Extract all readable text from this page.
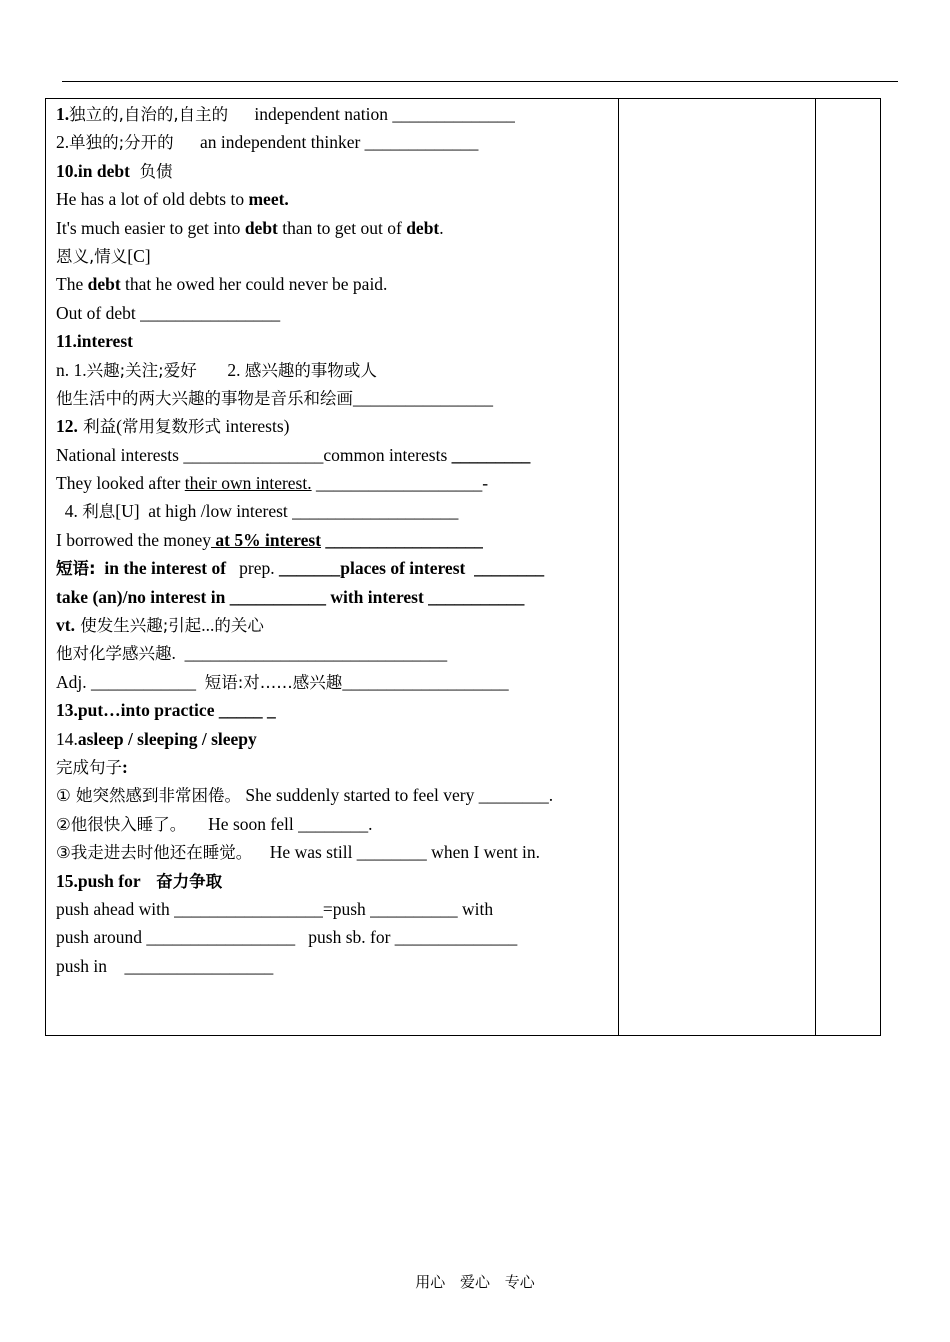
1.独立的,自治的,自主的      independent nation ______________
2.单独的;分开的      an independent thinker _____________
10.in debt  负债
He has a lot of old debts to meet.
It's much easier to get into debt than to get out of debt.
恩义,情义[C]
The debt that he owed her could never be paid.
Out of debt ________________
11.interest
n. 1.兴趣;关注;爱好       2. 感兴趣的事物或人
他生活中的两大兴趣的事物是音乐和绘画________________
12. 利益(常用复数形式 interests)
National interests ________________common interests _________
They looked after their own interest. ___________________-
4. 利息[U]  at high /low interest ___________________
I borrowed the money at 5% interest __________________
短语:  in the interest of   prep. _______places of interest  ________
take (an)/no interest in ___________ with interest ___________
vt. 使发生兴趣;引起...的关心
他对化学感兴趣.  ______________________________
Adj. ____________  短语:对……感兴趣___________________
13.put…into practice _____ _
14.asleep / sleeping / sleepy
完成句子:
① 她突然感到非常困倦。 She suddenly started to feel very ________.
②他很快入睡了。     He soon fell ________.
③我走进去时他还在睡觉。    He was still ________ when I went in.
15.push for   奋力争取
push ahead with _________________=push __________ with
push around _________________   push sb. for ______________
push in    _________________
用心 爱心 专心
